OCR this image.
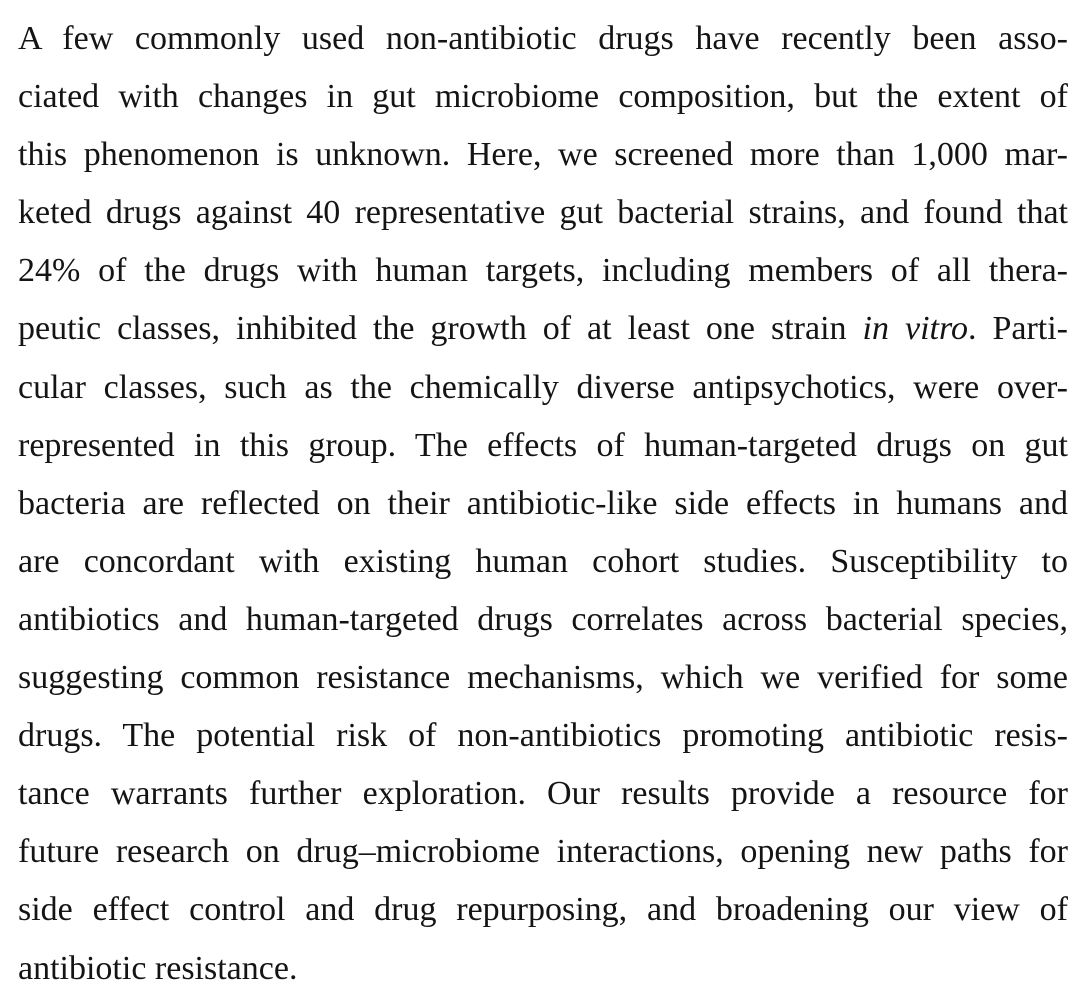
A few commonly used non-antibiotic drugs have recently been asso-
ciated with changes in gut microbiome composition, but the extent of
this phenomenon is unknown. Here, we screened more than 1,000 mar-
keted drugs against 40 representative gut bacterial strains, and found that
24% of the drugs with human targets, including members of all thera-
peutic classes, inhibited the growth of at least one strain in vitro. Parti-
cular classes, such as the chemically diverse antipsychotics, were over-
represented in this group. The effects of human-targeted drugs on gut
bacteria are reflected on their antibiotic-like side effects in humans and
are concordant with existing human cohort studies. Susceptibility to
antibiotics and human-targeted drugs correlates across bacterial species,
suggesting common resistance mechanisms, which we verified for some
drugs. The potential risk of non-antibiotics promoting antibiotic resis-
tance warrants further exploration. Our results provide a resource for
future research on drug–microbiome interactions, opening new paths for
side effect control and drug repurposing, and broadening our view of
antibiotic resistance.
